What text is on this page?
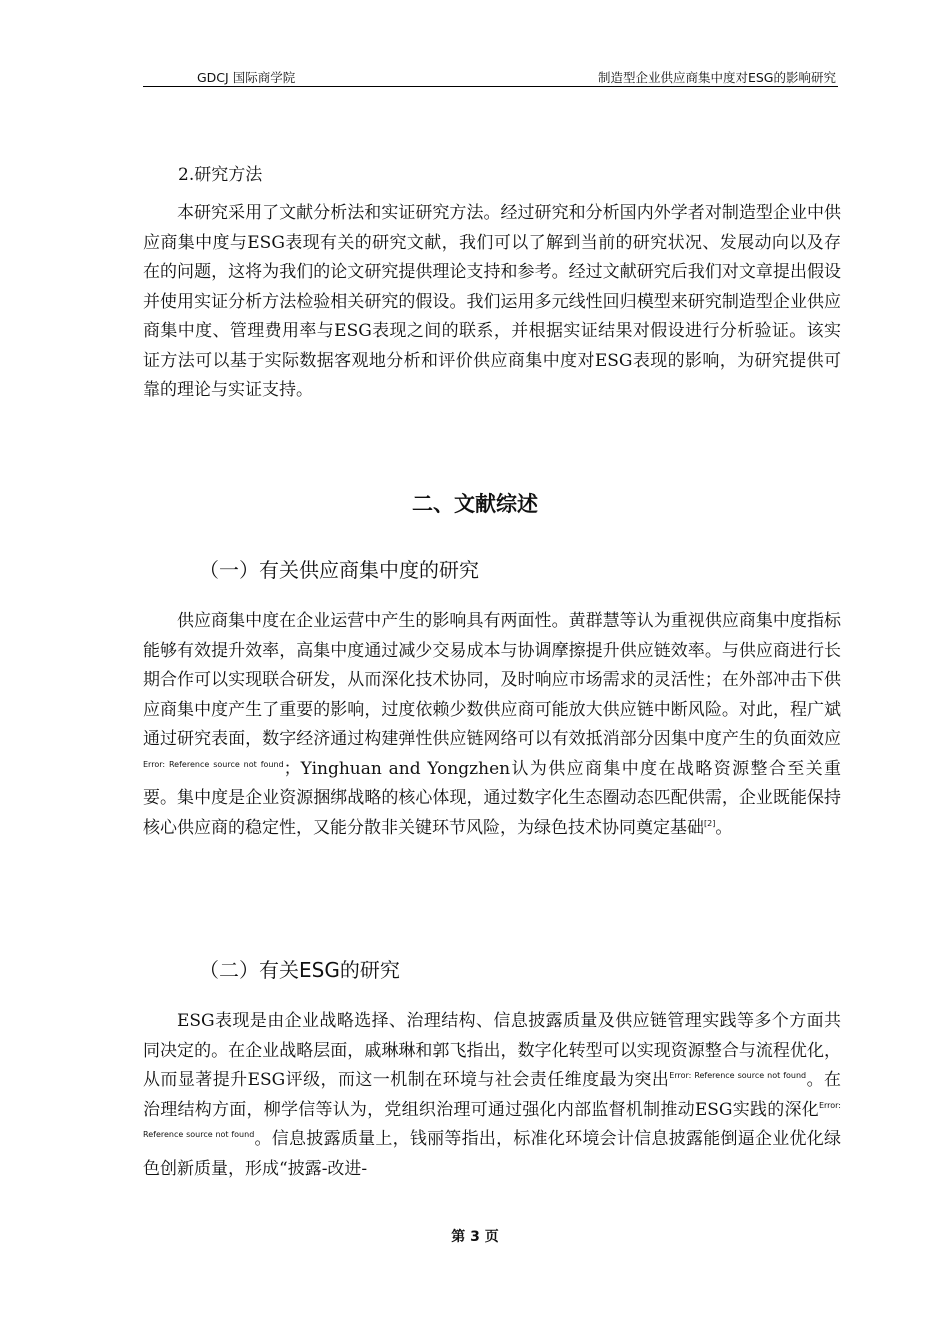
GDCJ 国际商学院	制造型企业供应商集中度对ESG的影响研究
2.研究方法

本研究采用了文献分析法和实证研究方法。经过研究和分析国内外学者对制造型企业中供应商集中度与ESG表现有关的研究文献，我们可以了解到当前的研究状况、发展动向以及存在的问题，这将为我们的论文研究提供理论支持和参考。经过文献研究后我们对文章提出假设并使用实证分析方法检验相关研究的假设。我们运用多元线性回归模型来研究制造型企业供应商集中度、管理费用率与ESG表现之间的联系，并根据实证结果对假设进行分析验证。该实证方法可以基于实际数据客观地分析和评价供应商集中度对ESG表现的影响，为研究提供可靠的理论与实证支持。

二、文献综述
（一）有关供应商集中度的研究

供应商集中度在企业运营中产生的影响具有两面性。黄群慧等认为重视供应商集中度指标能够有效提升效率，高集中度通过减少交易成本与协调摩擦提升供应链效率。与供应商进行长期合作可以实现联合研发，从而深化技术协同，及时响应市场需求的灵活性；在外部冲击下供应商集中度产生了重要的影响，过度依赖少数供应商可能放大供应链中断风险。对此，程广斌通过研究表面，数字经济通过构建弹性供应链网络可以有效抵消部分因集中度产生的负面效应$^{Error: Reference source not found}$；Yinghuan and Yongzhen认为供应商集中度在战略资源整合至关重要。集中度是企业资源捆绑战略的核心体现，通过数字化生态圈动态匹配供需，企业既能保持核心供应商的稳定性，又能分散非关键环节风险，为绿色技术协同奠定基础[2]。

（二）有关ESG的研究

ESG表现是由企业战略选择、治理结构、信息披露质量及供应链管理实践等多个方面共同决定的。在企业战略层面，戚琳琳和郭飞指出，数字化转型可以实现资源整合与流程优化，从而显著提升ESG评级，而这一机制在环境与社会责任维度最为突出$^{Error: Reference source not found}$。在治理结构方面，柳学信等认为，党组织治理可通过强化内部监督机制推动ESG实践的深化$^{Error: Reference source not found}$。信息披露质量上，钱丽等指出，标准化环境会计信息披露能倒逼企业优化绿色创新质量，形成“披露-改进-

第 3 页
